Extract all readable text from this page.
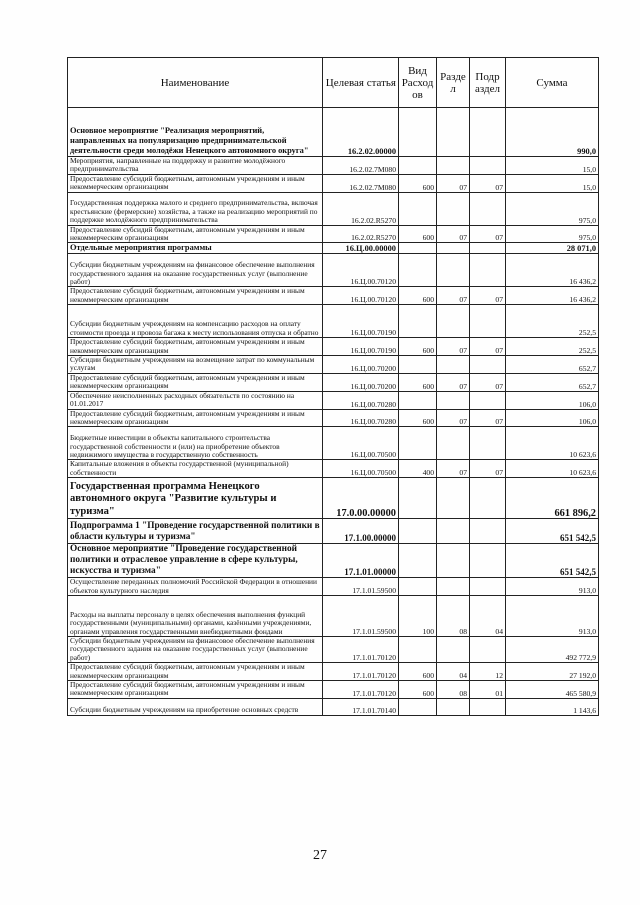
Наименование	Целевая статья	Вид Расход ов	Разде л	Подр аздел	Сумма
Основное мероприятие "Реализация мероприятий, направленных на популяризацию предпринимательской деятельности среди молодёжи Ненецкого автономного округа"	16.2.02.00000				990,0
Мероприятия, направленные на поддержку и развитие молодёжного предпринимательства	16.2.02.7М080				15,0
Предоставление субсидий бюджетным, автономным учреждениям и иным некоммерческим организациям	16.2.02.7М080	600	07	07	15,0
Государственная поддержка малого и среднего предпринимательства, включая крестьянские (фермерские) хозяйства, а также на реализацию мероприятий по поддержке молодёжного предпринимательства	16.2.02.R5270				975,0
Предоставление субсидий бюджетным, автономным учреждениям и иным некоммерческим организациям	16.2.02.R5270	600	07	07	975,0
Отдельные мероприятия программы	16.Ц.00.00000				28 071,0
Субсидии бюджетным учреждениям на финансовое обеспечение выполнения государственного задания на оказание государственных услуг (выполнение работ)	16.Ц.00.70120				16 436,2
Предоставление субсидий бюджетным, автономным учреждениям и иным некоммерческим организациям	16.Ц.00.70120	600	07	07	16 436,2
Субсидии бюджетным учреждениям на компенсацию расходов на оплату стоимости проезда и провоза багажа к месту использования отпуска и обратно	16.Ц.00.70190				252,5
Предоставление субсидий бюджетным, автономным учреждениям и иным некоммерческим организациям	16.Ц.00.70190	600	07	07	252,5
Субсидии бюджетным учреждениям на возмещение затрат по коммунальным услугам	16.Ц.00.70200				652,7
Предоставление субсидий бюджетным, автономным учреждениям и иным некоммерческим организациям	16.Ц.00.70200	600	07	07	652,7
Обеспечение неисполненных расходных обязательств по состоянию на 01.01.2017	16.Ц.00.70280				106,0
Предоставление субсидий бюджетным, автономным учреждениям и иным некоммерческим организациям	16.Ц.00.70280	600	07	07	106,0
Бюджетные инвестиции в объекты капитального строительства государственной собственности и (или) на приобретение объектов недвижимого имущества в государственную собственность	16.Ц.00.70500				10 623,6
Капитальные вложения в объекты государственной (муниципальной) собственности	16.Ц.00.70500	400	07	07	10 623,6
Государственная программа Ненецкого автономного округа "Развитие культуры и туризма"	17.0.00.00000				661 896,2
Подпрограмма 1 "Проведение государственной политики в области культуры и туризма"	17.1.00.00000				651 542,5
Основное мероприятие "Проведение государственной политики и отраслевое управление в сфере культуры, искусства и туризма"	17.1.01.00000				651 542,5
Осуществление переданных полномочий Российской Федерации в отношении объектов культурного наследия	17.1.01.59500				913,0
Расходы на выплаты персоналу в целях обеспечения выполнения функций государственными (муниципальными) органами, казёнными учреждениями, органами управления государственными внебюджетными фондами	17.1.01.59500	100	08	04	913,0
Субсидии бюджетным учреждениям на финансовое обеспечение выполнения государственного задания на оказание государственных услуг (выполнение работ)	17.1.01.70120				492 772,9
Предоставление субсидий бюджетным, автономным учреждениям и иным некоммерческим организациям	17.1.01.70120	600	04	12	27 192,0
Предоставление субсидий бюджетным, автономным учреждениям и иным некоммерческим организациям	17.1.01.70120	600	08	01	465 580,9
Субсидии бюджетным учреждениям на приобретение основных средств	17.1.01.70140				1 143,6
27
